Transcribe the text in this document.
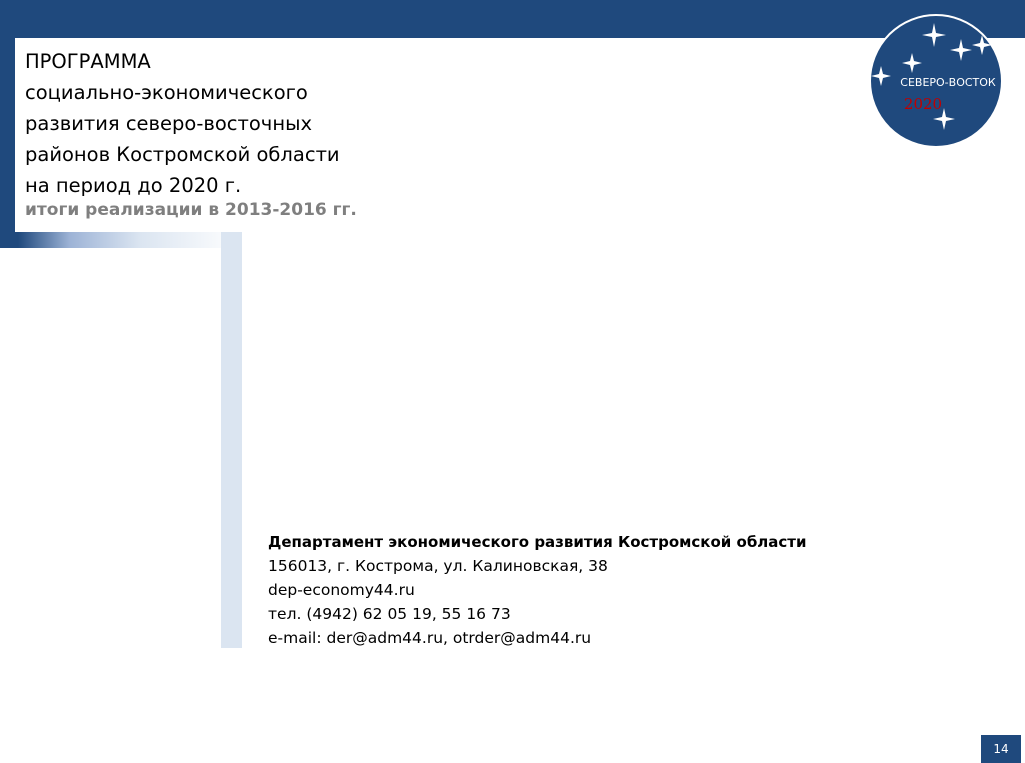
ПРОГРАММА
социально-экономического
развития северо-восточных
районов Костромской области
на период до 2020 г.
итоги реализации в 2013-2016 гг.
СЕВЕРО-ВОСТОК
2020
Департамент экономического развития Костромской области
156013, г. Кострома, ул. Калиновская, 38
dep-economy44.ru
тел. (4942) 62 05 19, 55 16 73
e-mail: der@adm44.ru, otrder@adm44.ru
14
